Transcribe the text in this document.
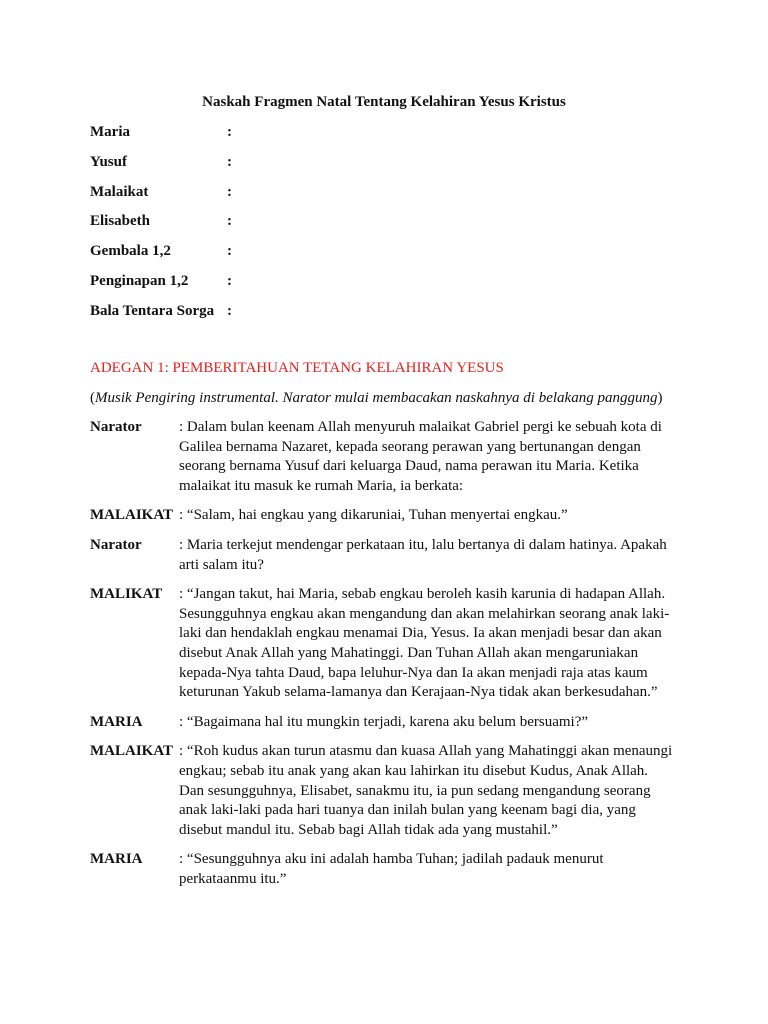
Naskah Fragmen Natal Tentang Kelahiran Yesus Kristus
Maria	:
Yusuf	:
Malaikat	:
Elisabeth	:
Gembala 1,2	:
Penginapan 1,2	:
Bala Tentara Sorga :
ADEGAN 1: PEMBERITAHUAN TETANG KELAHIRAN YESUS
(Musik Pengiring instrumental. Narator mulai membacakan naskahnya di belakang panggung)
Narator	: Dalam bulan keenam Allah menyuruh malaikat Gabriel pergi ke sebuah kota di
Galilea bernama Nazaret, kepada seorang perawan yang bertunangan dengan
seorang bernama Yusuf dari keluarga Daud, nama perawan itu Maria. Ketika
malaikat itu masuk ke rumah Maria, ia berkata:
MALAIKAT : “Salam, hai engkau yang dikaruniai, Tuhan menyertai engkau.”
Narator	: Maria terkejut mendengar perkataan itu, lalu bertanya di dalam hatinya. Apakah
arti salam itu?
MALIKAT	: “Jangan takut, hai Maria, sebab engkau beroleh kasih karunia di hadapan Allah.
Sesungguhnya engkau akan mengandung dan akan melahirkan seorang anak laki-
laki dan hendaklah engkau menamai Dia, Yesus. Ia akan menjadi besar dan akan
disebut Anak Allah yang Mahatinggi. Dan Tuhan Allah akan mengaruniakan
kepada-Nya tahta Daud, bapa leluhur-Nya dan Ia akan menjadi raja atas kaum
keturunan Yakub selama-lamanya dan Kerajaan-Nya tidak akan berkesudahan.”
MARIA	: “Bagaimana hal itu mungkin terjadi, karena aku belum bersuami?”
MALAIKAT : “Roh kudus akan turun atasmu dan kuasa Allah yang Mahatinggi akan menaungi
engkau; sebab itu anak yang akan kau lahirkan itu disebut Kudus, Anak Allah.
Dan sesungguhnya, Elisabet, sanakmu itu, ia pun sedang mengandung seorang
anak laki-laki pada hari tuanya dan inilah bulan yang keenam bagi dia, yang
disebut mandul itu. Sebab bagi Allah tidak ada yang mustahil.”
MARIA	: “Sesungguhnya aku ini adalah hamba Tuhan; jadilah padauk menurut
perkataanmu itu.”
